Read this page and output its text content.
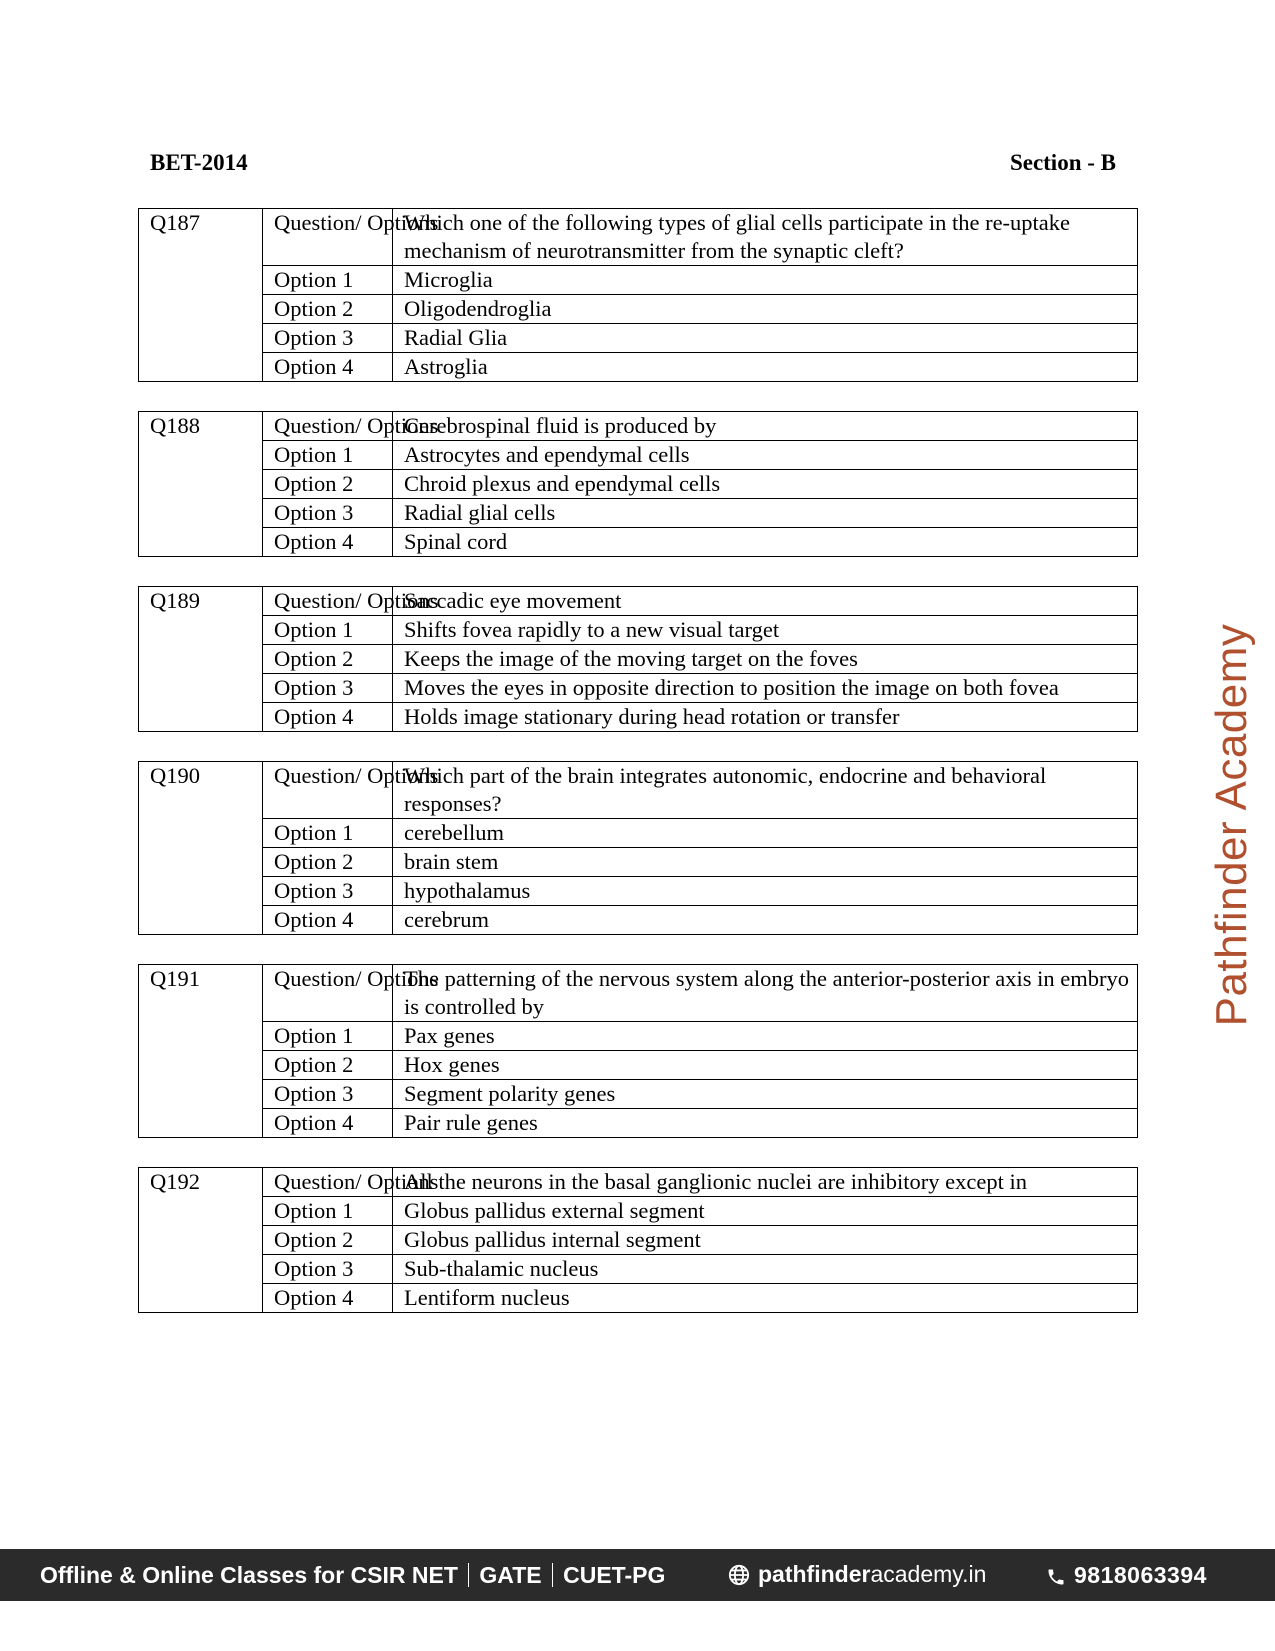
BET-2014	Section - B
Q187	Question/ Options	Which one of the following types of glial cells participate in the re-uptake mechanism of neurotransmitter from the synaptic cleft?
	Option 1	Microglia
	Option 2	Oligodendroglia
	Option 3	Radial Glia
	Option 4	Astroglia
Q188	Question/ Options	Cerebrospinal fluid is produced by
	Option 1	Astrocytes and ependymal cells
	Option 2	Chroid plexus and ependymal cells
	Option 3	Radial glial cells
	Option 4	Spinal cord
Q189	Question/ Options	Saccadic eye movement
	Option 1	Shifts fovea rapidly to a new visual target
	Option 2	Keeps the image of the moving target on the foves
	Option 3	Moves the eyes in opposite direction to position the image on both fovea
	Option 4	Holds image stationary during head rotation or transfer
Q190	Question/ Options	Which part of the brain integrates autonomic, endocrine and behavioral responses?
	Option 1	cerebellum
	Option 2	brain stem
	Option 3	hypothalamus
	Option 4	cerebrum
Q191	Question/ Options	The patterning of the nervous system along the anterior-posterior axis in embryo is controlled by
	Option 1	Pax genes
	Option 2	Hox genes
	Option 3	Segment polarity genes
	Option 4	Pair rule genes
Q192	Question/ Options	All the neurons in the basal ganglionic nuclei are inhibitory except in
	Option 1	Globus pallidus external segment
	Option 2	Globus pallidus internal segment
	Option 3	Sub-thalamic nucleus
	Option 4	Lentiform nucleus
Pathfinder Academy
Offline & Online Classes for CSIR NET GATE CUET-PG	pathfinderacademy.in	9818063394
